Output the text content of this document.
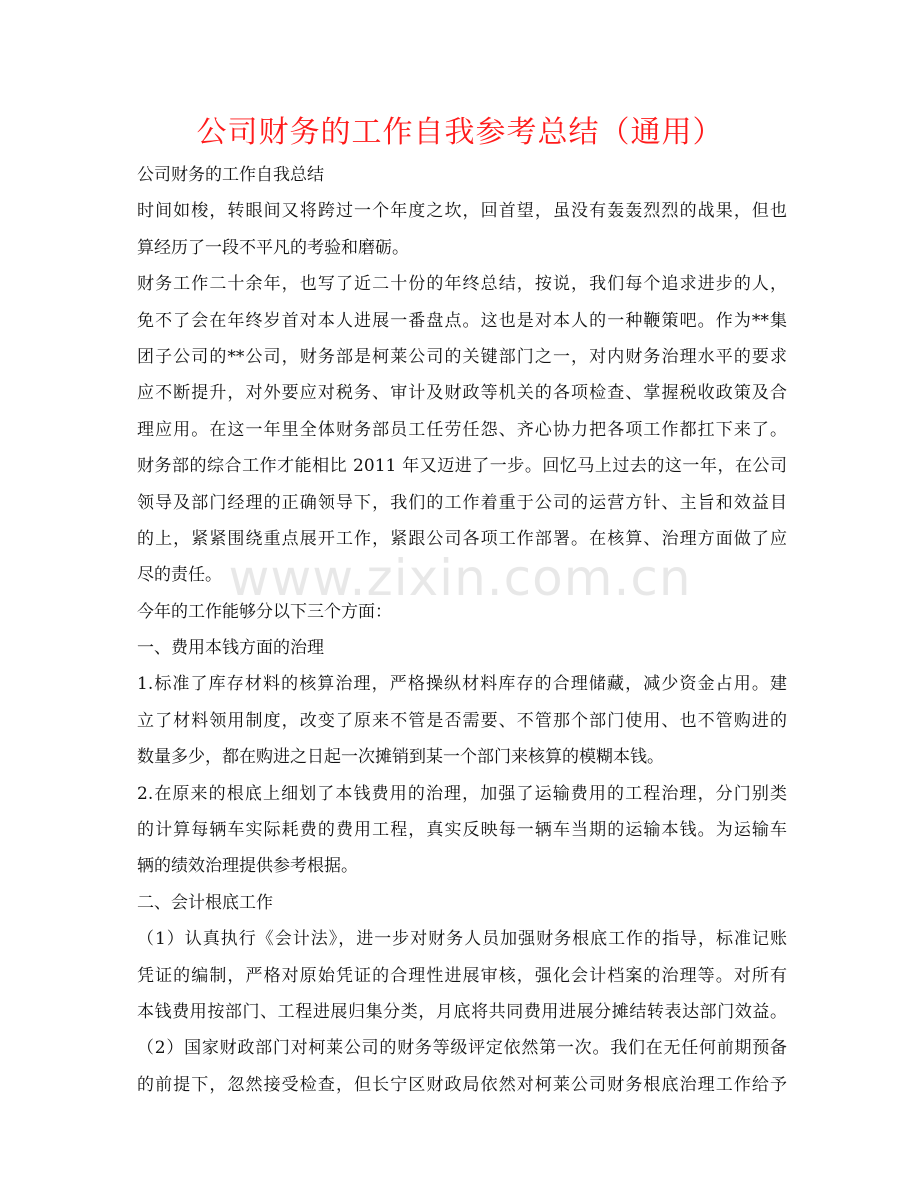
公司财务的工作自我参考总结（通用）
公司财务的工作自我总结
时间如梭，转眼间又将跨过一个年度之坎，回首望，虽没有轰轰烈烈的战果，但也
算经历了一段不平凡的考验和磨砺。
财务工作二十余年，也写了近二十份的年终总结，按说，我们每个追求进步的人，
免不了会在年终岁首对本人进展一番盘点。这也是对本人的一种鞭策吧。作为**集
团子公司的**公司，财务部是柯莱公司的关键部门之一，对内财务治理水平的要求
应不断提升，对外要应对税务、审计及财政等机关的各项检查、掌握税收政策及合
理应用。在这一年里全体财务部员工任劳任怨、齐心协力把各项工作都扛下来了。
财务部的综合工作才能相比 2011 年又迈进了一步。回忆马上过去的这一年，在公司
领导及部门经理的正确领导下，我们的工作着重于公司的运营方针、主旨和效益目
的上，紧紧围绕重点展开工作，紧跟公司各项工作部署。在核算、治理方面做了应
尽的责任。
今年的工作能够分以下三个方面：
一、费用本钱方面的治理
1.标准了库存材料的核算治理，严格操纵材料库存的合理储藏，减少资金占用。建
立了材料领用制度，改变了原来不管是否需要、不管那个部门使用、也不管购进的
数量多少，都在购进之日起一次摊销到某一个部门来核算的模糊本钱。
2.在原来的根底上细划了本钱费用的治理，加强了运输费用的工程治理，分门别类
的计算每辆车实际耗费的费用工程，真实反映每一辆车当期的运输本钱。为运输车
辆的绩效治理提供参考根据。
二、会计根底工作
（1）认真执行《会计法》，进一步对财务人员加强财务根底工作的指导，标准记账
凭证的编制，严格对原始凭证的合理性进展审核，强化会计档案的治理等。对所有
本钱费用按部门、工程进展归集分类，月底将共同费用进展分摊结转表达部门效益。
（2）国家财政部门对柯莱公司的财务等级评定依然第一次。我们在无任何前期预备
的前提下，忽然接受检查，但长宁区财政局依然对柯莱公司财务根底治理工作给予
www.zixin.com.cn
